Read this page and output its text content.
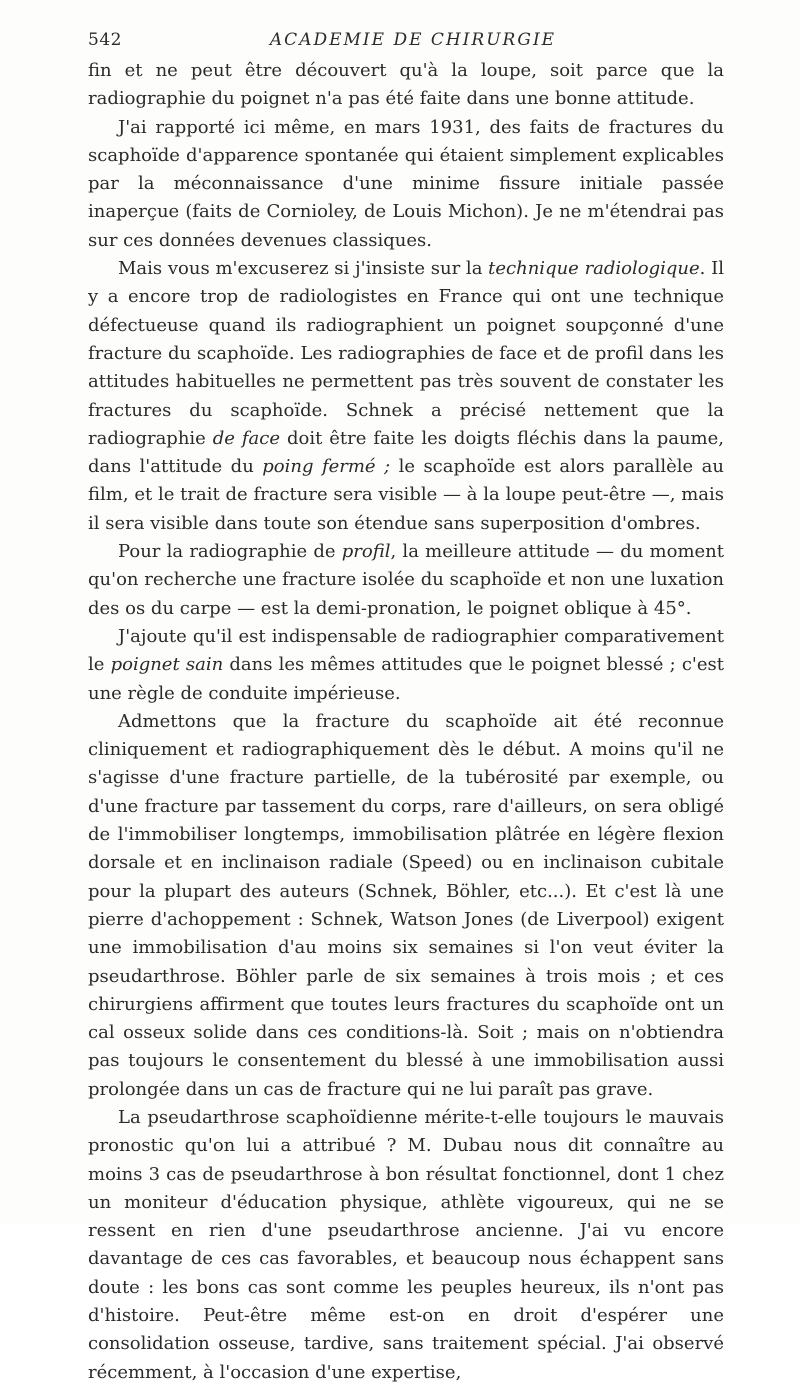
542	ACADEMIE DE CHIRURGIE

fin et ne peut être découvert qu'à la loupe, soit parce que la radiographie du poignet n'a pas été faite dans une bonne attitude.

J'ai rapporté ici même, en mars 1931, des faits de fractures du scaphoïde d'apparence spontanée qui étaient simplement explicables par la méconnaissance d'une minime fissure initiale passée inaperçue (faits de Cornioley, de Louis Michon). Je ne m'étendrai pas sur ces données devenues classiques.

Mais vous m'excuserez si j'insiste sur la technique radiologique. Il y a encore trop de radiologistes en France qui ont une technique défectueuse quand ils radiographient un poignet soupçonné d'une fracture du scaphoïde. Les radiographies de face et de profil dans les attitudes habituelles ne permettent pas très souvent de constater les fractures du scaphoïde. Schnek a précisé nettement que la radiographie de face doit être faite les doigts fléchis dans la paume, dans l'attitude du poing fermé ; le scaphoïde est alors parallèle au film, et le trait de fracture sera visible — à la loupe peut-être —, mais il sera visible dans toute son étendue sans superposition d'ombres.

Pour la radiographie de profil, la meilleure attitude — du moment qu'on recherche une fracture isolée du scaphoïde et non une luxation des os du carpe — est la demi-pronation, le poignet oblique à 45°.

J'ajoute qu'il est indispensable de radiographier comparativement le poignet sain dans les mêmes attitudes que le poignet blessé ; c'est une règle de conduite impérieuse.

Admettons que la fracture du scaphoïde ait été reconnue cliniquement et radiographiquement dès le début. A moins qu'il ne s'agisse d'une fracture partielle, de la tubérosité par exemple, ou d'une fracture par tassement du corps, rare d'ailleurs, on sera obligé de l'immobiliser longtemps, immobilisation plâtrée en légère flexion dorsale et en inclinaison radiale (Speed) ou en inclinaison cubitale pour la plupart des auteurs (Schnek, Böhler, etc...). Et c'est là une pierre d'achoppement : Schnek, Watson Jones (de Liverpool) exigent une immobilisation d'au moins six semaines si l'on veut éviter la pseudarthrose. Böhler parle de six semaines à trois mois ; et ces chirurgiens affirment que toutes leurs fractures du scaphoïde ont un cal osseux solide dans ces conditions-là. Soit ; mais on n'obtiendra pas toujours le consentement du blessé à une immobilisation aussi prolongée dans un cas de fracture qui ne lui paraît pas grave.

La pseudarthrose scaphoïdienne mérite-t-elle toujours le mauvais pronostic qu'on lui a attribué ? M. Dubau nous dit connaître au moins 3 cas de pseudarthrose à bon résultat fonctionnel, dont 1 chez un moniteur d'éducation physique, athlète vigoureux, qui ne se ressent en rien d'une pseudarthrose ancienne. J'ai vu encore davantage de ces cas favorables, et beaucoup nous échappent sans doute : les bons cas sont comme les peuples heureux, ils n'ont pas d'histoire. Peut-être même est-on en droit d'espérer une consolidation osseuse, tardive, sans traitement spécial. J'ai observé récemment, à l'occasion d'une expertise,
